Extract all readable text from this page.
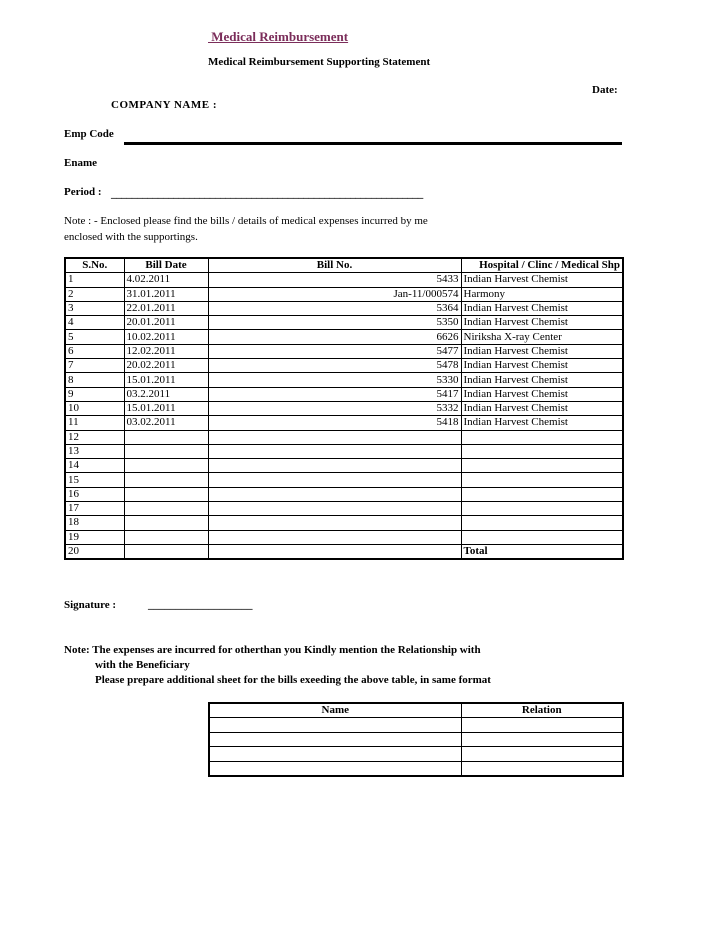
Medical Reimbursement
Medical Reimbursement Supporting Statement
Date:
COMPANY NAME :
Emp Code
Ename
Period : ____________________________________________________________
Note : - Enclosed please find the bills / details of medical expenses incurred by me
enclosed with the supportings.
S.No.	Bill Date	Bill No.	Hospital / Clinc / Medical Shp
1	4.02.2011	5433	Indian Harvest Chemist
2	31.01.2011	Jan-11/000574	Harmony
3	22.01.2011	5364	Indian Harvest Chemist
4	20.01.2011	5350	Indian Harvest Chemist
5	10.02.2011	6626	Niriksha X-ray Center
6	12.02.2011	5477	Indian Harvest Chemist
7	20.02.2011	5478	Indian Harvest Chemist
8	15.01.2011	5330	Indian Harvest Chemist
9	03.2.2011	5417	Indian Harvest Chemist
10	15.01.2011	5332	Indian Harvest Chemist
11	03.02.2011	5418	Indian Harvest Chemist
12			
13			
14			
15			
16			
17			
18			
19			
20			Total
Signature :	___________________
Note: The expenses are incurred for otherthan you Kindly mention the Relationship with
with the Beneficiary
Please prepare additional sheet for the bills exeeding the above table, in same format
Name	Relation
